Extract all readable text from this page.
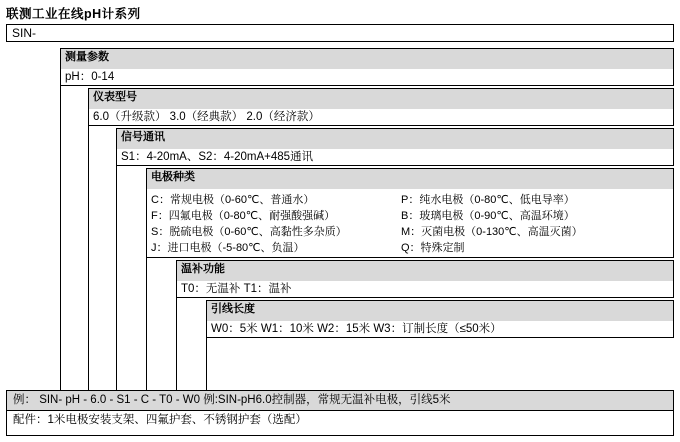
联测工业在线pH计系列
SIN-
测量参数
pH：0-14
仪表型号
6.0（升级款） 3.0（经典款） 2.0（经济款）
信号通讯
S1：4-20mA、S2：4-20mA+485通讯
电极种类
C：常规电极（0-60℃、普通水）	P：纯水电极（0-80℃、低电导率）
F：四氟电极（0-80℃、耐强酸强碱）	B：玻璃电极（0-90℃、高温环境）
S：脱硫电极（0-60℃、高黏性多杂质）	M：灭菌电极（0-130℃、高温灭菌）
J：进口电极（-5-80℃、负温）	Q：特殊定制
温补功能
T0：无温补 T1：温补
引线长度
W0：5米 W1：10米 W2：15米 W3：订制长度（≤50米）
例： SIN- pH - 6.0 - S1 - C - T0 - W0 例:SIN-pH6.0控制器，常规无温补电极，引线5米
配件：1米电极安装支架、四氟护套、不锈钢护套（选配）
